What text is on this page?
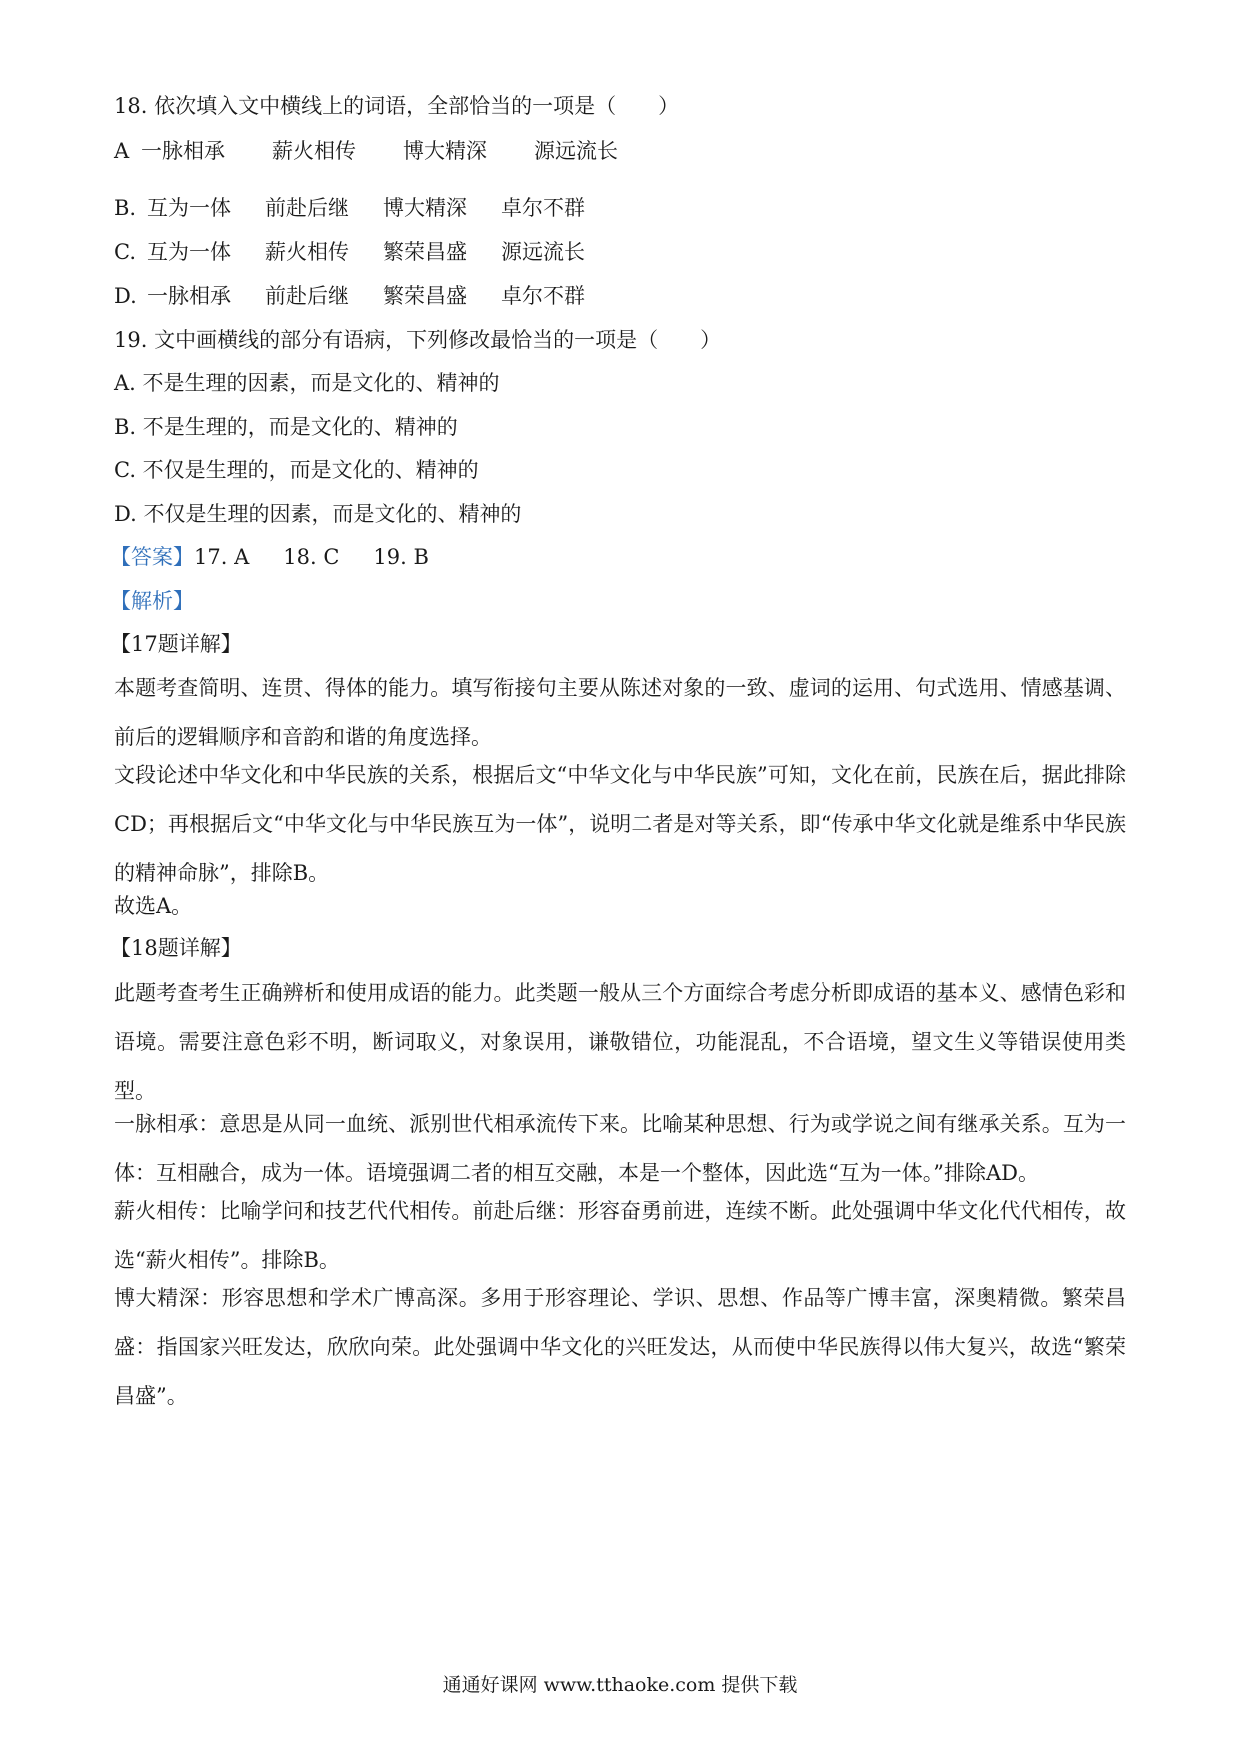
18. 依次填入文中横线上的词语，全部恰当的一项是（　　）
A 一脉相承	薪火相传	博大精深	源远流长
B. 互为一体	前赴后继	博大精深	卓尔不群
C. 互为一体	薪火相传	繁荣昌盛	源远流长
D. 一脉相承	前赴后继	繁荣昌盛	卓尔不群
19. 文中画横线的部分有语病，下列修改最恰当的一项是（　　）
A. 不是生理的因素，而是文化的、精神的
B. 不是生理的，而是文化的、精神的
C. 不仅是生理的，而是文化的、精神的
D. 不仅是生理的因素，而是文化的、精神的
【答案】17. A 18. C 19. B
【解析】
【17题详解】
本题考查简明、连贯、得体的能力。填写衔接句主要从陈述对象的一致、虚词的运用、句式选用、情感基调、前后的逻辑顺序和音韵和谐的角度选择。
文段论述中华文化和中华民族的关系，根据后文“中华文化与中华民族”可知，文化在前，民族在后，据此排除CD；再根据后文“中华文化与中华民族互为一体”，说明二者是对等关系，即“传承中华文化就是维系中华民族的精神命脉”，排除B。
故选A。
【18题详解】
此题考查考生正确辨析和使用成语的能力。此类题一般从三个方面综合考虑分析即成语的基本义、感情色彩和语境。需要注意色彩不明，断词取义，对象误用，谦敬错位，功能混乱，不合语境，望文生义等错误使用类型。
一脉相承：意思是从同一血统、派别世代相承流传下来。比喻某种思想、行为或学说之间有继承关系。互为一体：互相融合，成为一体。语境强调二者的相互交融，本是一个整体，因此选“互为一体。”排除AD。
薪火相传：比喻学问和技艺代代相传。前赴后继：形容奋勇前进，连续不断。此处强调中华文化代代相传，故选“薪火相传”。排除B。
博大精深：形容思想和学术广博高深。多用于形容理论、学识、思想、作品等广博丰富，深奥精微。繁荣昌盛：指国家兴旺发达，欣欣向荣。此处强调中华文化的兴旺发达，从而使中华民族得以伟大复兴，故选“繁荣昌盛”。
通通好课网 www.tthaoke.com 提供下载
